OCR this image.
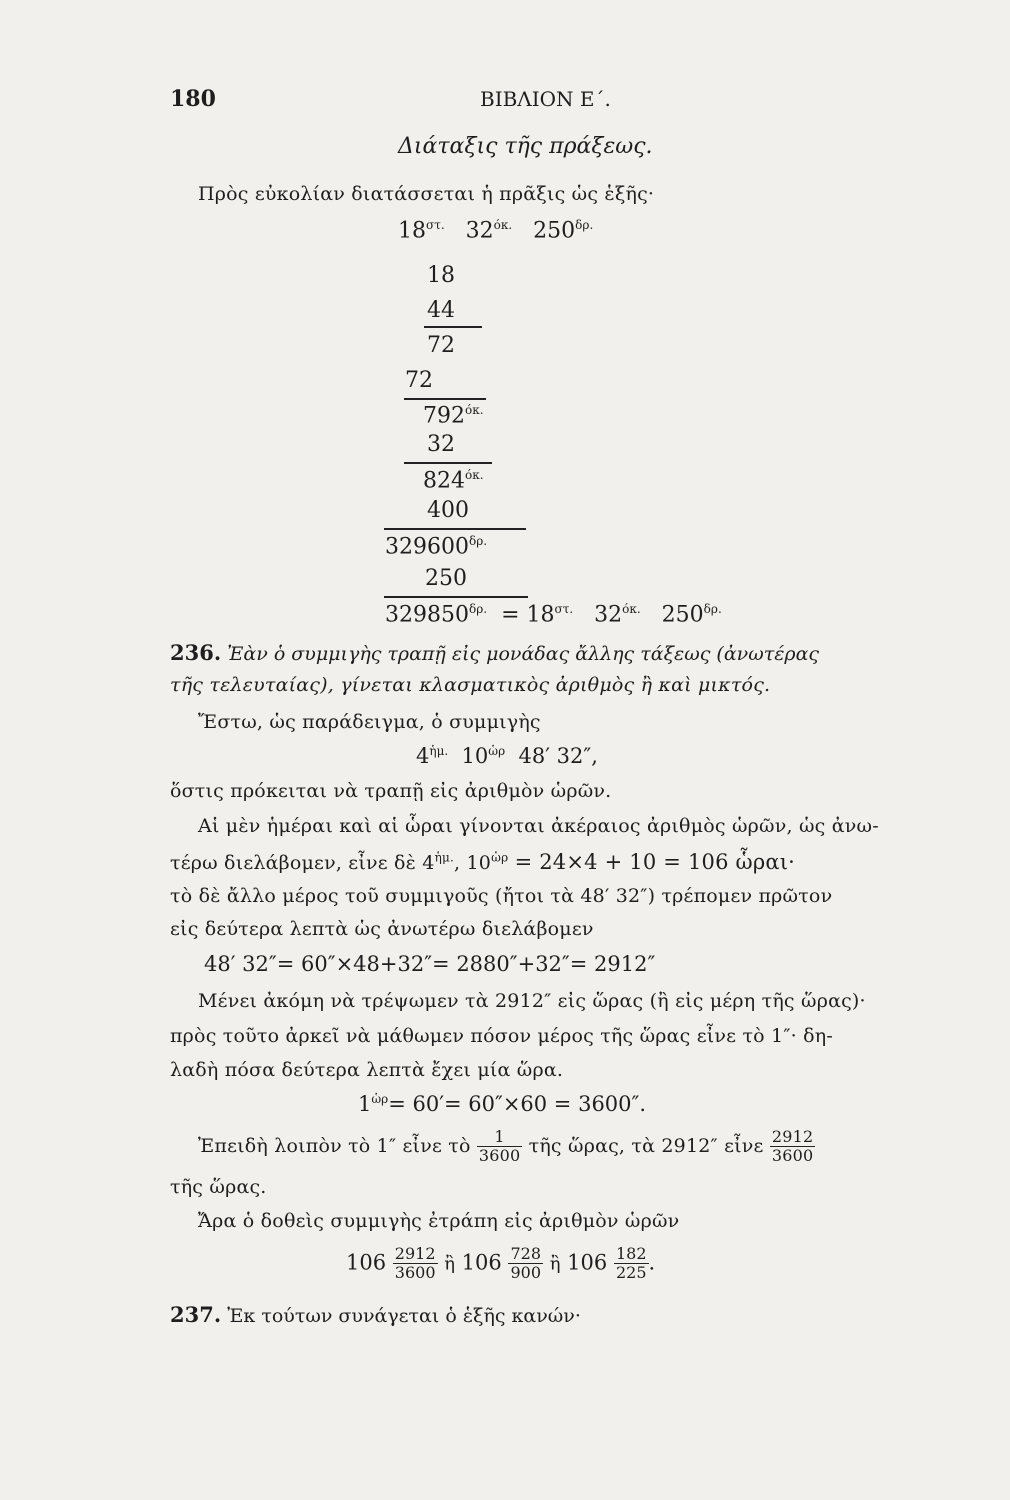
180	ΒΙΒΛΙΟΝ Ε΄.
Διάταξις τῆς πράξεως.
Πρὸς εὐκολίαν διατάσσεται ἡ πρᾶξις ὡς ἑξῆς·
$18^{\sigma\tau.}$ $32^{ό\kappa.}$ $250^{\delta\rho.}$
18
44
72
72
$792^{ό\kappa.}$
32
$824^{ό\kappa.}$
400
$329600^{\delta\rho.}$
250
$329850^{\delta\rho.} = 18^{\sigma\tau.}$ $32^{ό\kappa.}$ $250^{\delta\rho.}$
236. Ἐὰν ὁ συμμιγὴς τραπῇ εἰς μονάδας ἄλλης τάξεως (ἀνωτέρας
τῆς τελευταίας), γίνεται κλασματικὸς ἀριθμὸς ἢ καὶ μικτός.
Ἔστω, ὡς παράδειγμα, ὁ συμμιγὴς
$4^{ἡ\mu.}$ $10^{ὡ\rho}$ 48′ 32″,
ὅστις πρόκειται νὰ τραπῇ εἰς ἀριθμὸν ὡρῶν.
Αἱ μὲν ἡμέραι καὶ αἱ ὧραι γίνονται ἀκέραιος ἀριθμὸς ὡρῶν, ὡς ἀνω-
τέρω διελάβομεν, εἶνε δὲ $4^{ἡ\mu.}$, $10^{ὡ\rho} = 24\times 4 + 10 = 106$ ὧραι·
τὸ δὲ ἄλλο μέρος τοῦ συμμιγοῦς (ἤτοι τὰ 48′ 32″) τρέπομεν πρῶτον
εἰς δεύτερα λεπτὰ ὡς ἀνωτέρω διελάβομεν
48′ 32″= 60″×48+32″= 2880″+32″= 2912″
Μένει ἀκόμη νὰ τρέψωμεν τὰ 2912″ εἰς ὥρας (ἢ εἰς μέρη τῆς ὥρας)·
πρὸς τοῦτο ἀρκεῖ νὰ μάθωμεν πόσον μέρος τῆς ὥρας εἶνε τὸ 1″· δη-
λαδὴ πόσα δεύτερα λεπτὰ ἔχει μία ὥρα.
$1^{ὡ\rho}= 60'= 60''\times 60 = 3600''$.
Ἐπειδὴ λοιπὸν τὸ 1″ εἶνε τὸ $\frac{1}{3600}$ τῆς ὥρας, τὰ 2912″ εἶνε $\frac{2912}{3600}$
τῆς ὥρας.
Ἄρα ὁ δοθεὶς συμμιγὴς ἐτράπη εἰς ἀριθμὸν ὡρῶν
$106 \frac{2912}{3600}$ ἢ $106 \frac{728}{900}$ ἢ $106 \frac{182}{225}$ .
237. Ἐκ τούτων συνάγεται ὁ ἑξῆς κανών·
